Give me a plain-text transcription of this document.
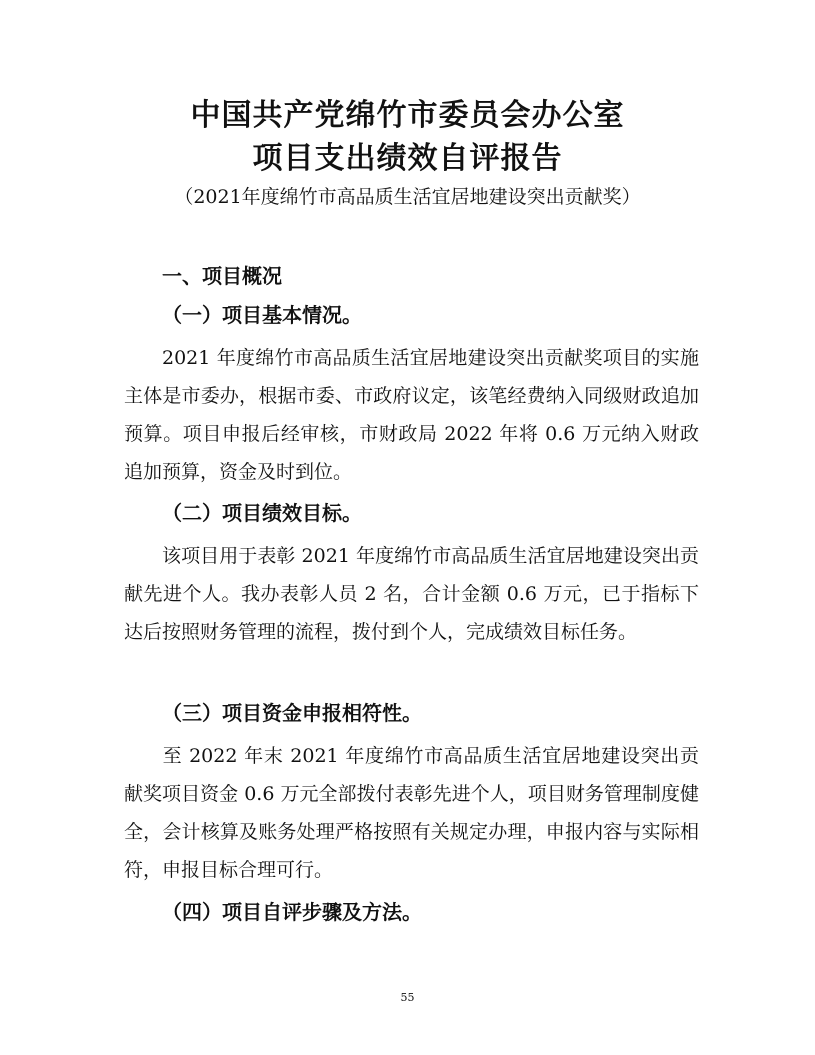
中国共产党绵竹市委员会办公室
项目支出绩效自评报告
（2021年度绵竹市高品质生活宜居地建设突出贡献奖）
一、项目概况
（一）项目基本情况。
2021 年度绵竹市高品质生活宜居地建设突出贡献奖项目的实施主体是市委办，根据市委、市政府议定，该笔经费纳入同级财政追加预算。项目申报后经审核，市财政局 2022 年将 0.6 万元纳入财政追加预算，资金及时到位。
（二）项目绩效目标。
该项目用于表彰 2021 年度绵竹市高品质生活宜居地建设突出贡献先进个人。我办表彰人员 2 名，合计金额 0.6 万元，已于指标下达后按照财务管理的流程，拨付到个人，完成绩效目标任务。
（三）项目资金申报相符性。
至 2022 年末 2021 年度绵竹市高品质生活宜居地建设突出贡献奖项目资金 0.6 万元全部拨付表彰先进个人，项目财务管理制度健全，会计核算及账务处理严格按照有关规定办理，申报内容与实际相符，申报目标合理可行。
（四）项目自评步骤及方法。
55
